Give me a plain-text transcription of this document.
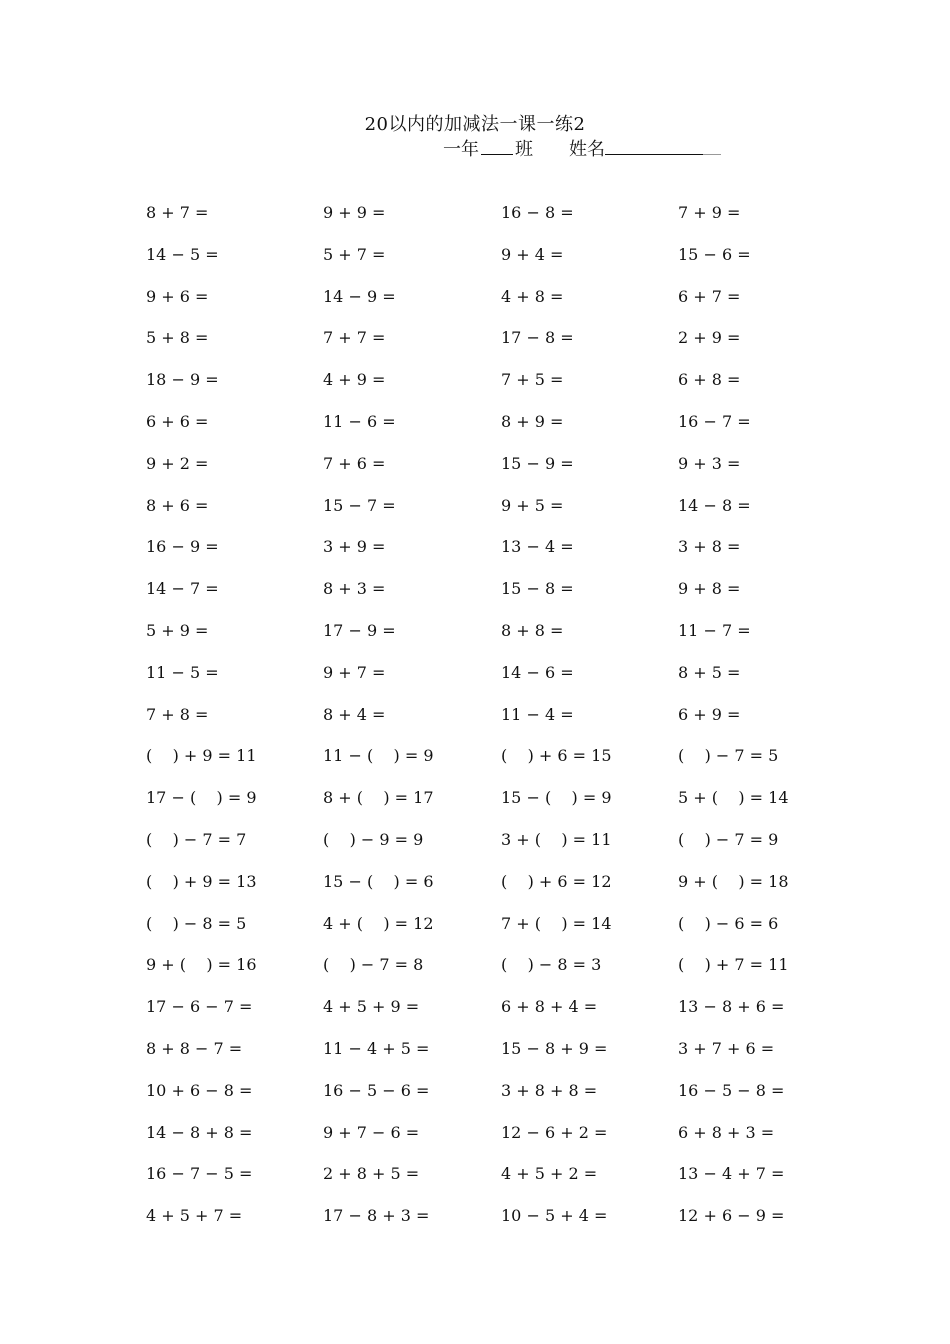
20以内的加减法一课一练2
一年 班 姓名
8 + 7 =	9 + 9 =	16 − 8 =	7 + 9 =
14 − 5 =	5 + 7 =	9 + 4 =	15 − 6 =
9 + 6 =	14 − 9 =	4 + 8 =	6 + 7 =
5 + 8 =	7 + 7 =	17 − 8 =	2 + 9 =
18 − 9 =	4 + 9 =	7 + 5 =	6 + 8 =
6 + 6 =	11 − 6 =	8 + 9 =	16 − 7 =
9 + 2 =	7 + 6 =	15 − 9 =	9 + 3 =
8 + 6 =	15 − 7 =	9 + 5 =	14 − 8 =
16 − 9 =	3 + 9 =	13 − 4 =	3 + 8 =
14 − 7 =	8 + 3 =	15 − 8 =	9 + 8 =
5 + 9 =	17 − 9 =	8 + 8 =	11 − 7 =
11 − 5 =	9 + 7 =	14 − 6 =	8 + 5 =
7 + 8 =	8 + 4 =	11 − 4 =	6 + 9 =
(    ) + 9 = 11	11 − (    ) = 9	(    ) + 6 = 15	(    ) − 7 = 5
17 − (    ) = 9	8 + (    ) = 17	15 − (    ) = 9	5 + (    ) = 14
(    ) − 7 = 7	(    ) − 9 = 9	3 + (    ) = 11	(    ) − 7 = 9
(    ) + 9 = 13	15 − (    ) = 6	(    ) + 6 = 12	9 + (    ) = 18
(    ) − 8 = 5	4 + (    ) = 12	7 + (    ) = 14	(    ) − 6 = 6
9 + (    ) = 16	(    ) − 7 = 8	(    ) − 8 = 3	(    ) + 7 = 11
17 − 6 − 7 =	4 + 5 + 9 =	6 + 8 + 4 =	13 − 8 + 6 =
8 + 8 − 7 =	11 − 4 + 5 =	15 − 8 + 9 =	3 + 7 + 6 =
10 + 6 − 8 =	16 − 5 − 6 =	3 + 8 + 8 =	16 − 5 − 8 =
14 − 8 + 8 =	9 + 7 − 6 =	12 − 6 + 2 =	6 + 8 + 3 =
16 − 7 − 5 =	2 + 8 + 5 =	4 + 5 + 2 =	13 − 4 + 7 =
4 + 5 + 7 =	17 − 8 + 3 =	10 − 5 + 4 =	12 + 6 − 9 =
